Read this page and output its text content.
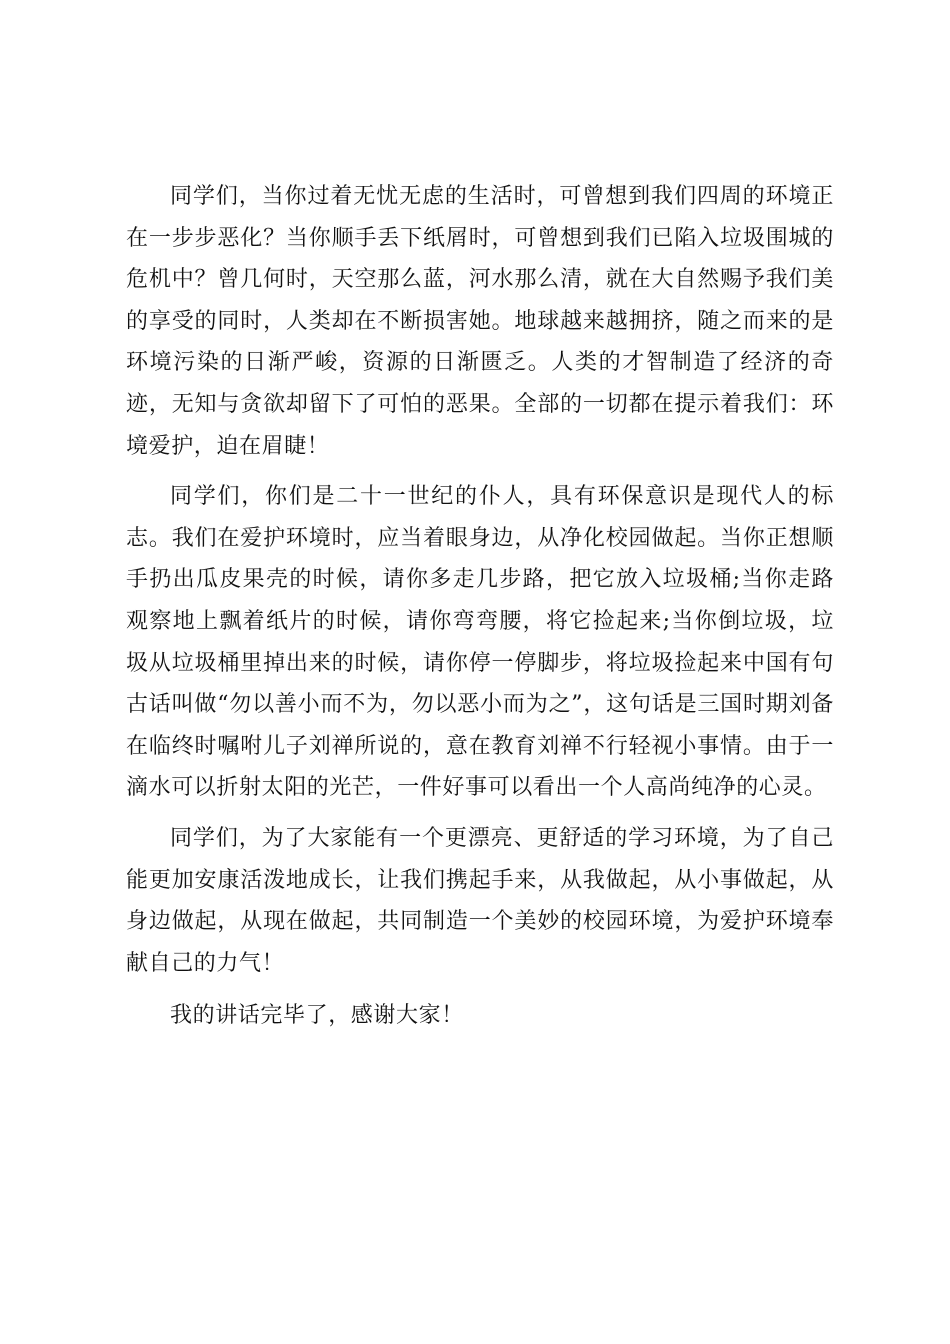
同学们，当你过着无忧无虑的生活时，可曾想到我们四周的环境正在一步步恶化？当你顺手丢下纸屑时，可曾想到我们已陷入垃圾围城的危机中？曾几何时，天空那么蓝，河水那么清，就在大自然赐予我们美的享受的同时，人类却在不断损害她。地球越来越拥挤，随之而来的是环境污染的日渐严峻，资源的日渐匮乏。人类的才智制造了经济的奇迹，无知与贪欲却留下了可怕的恶果。全部的一切都在提示着我们：环境爱护，迫在眉睫！

同学们，你们是二十一世纪的仆人，具有环保意识是现代人的标志。我们在爱护环境时，应当着眼身边，从净化校园做起。当你正想顺手扔出瓜皮果壳的时候，请你多走几步路，把它放入垃圾桶;当你走路观察地上飘着纸片的时候，请你弯弯腰，将它捡起来;当你倒垃圾，垃圾从垃圾桶里掉出来的时候，请你停一停脚步，将垃圾捡起来中国有句古话叫做“勿以善小而不为，勿以恶小而为之”，这句话是三国时期刘备在临终时嘱咐儿子刘禅所说的，意在教育刘禅不行轻视小事情。由于一滴水可以折射太阳的光芒，一件好事可以看出一个人高尚纯净的心灵。

同学们，为了大家能有一个更漂亮、更舒适的学习环境，为了自己能更加安康活泼地成长，让我们携起手来，从我做起，从小事做起，从身边做起，从现在做起，共同制造一个美妙的校园环境，为爱护环境奉献自己的力气！

我的讲话完毕了，感谢大家！
